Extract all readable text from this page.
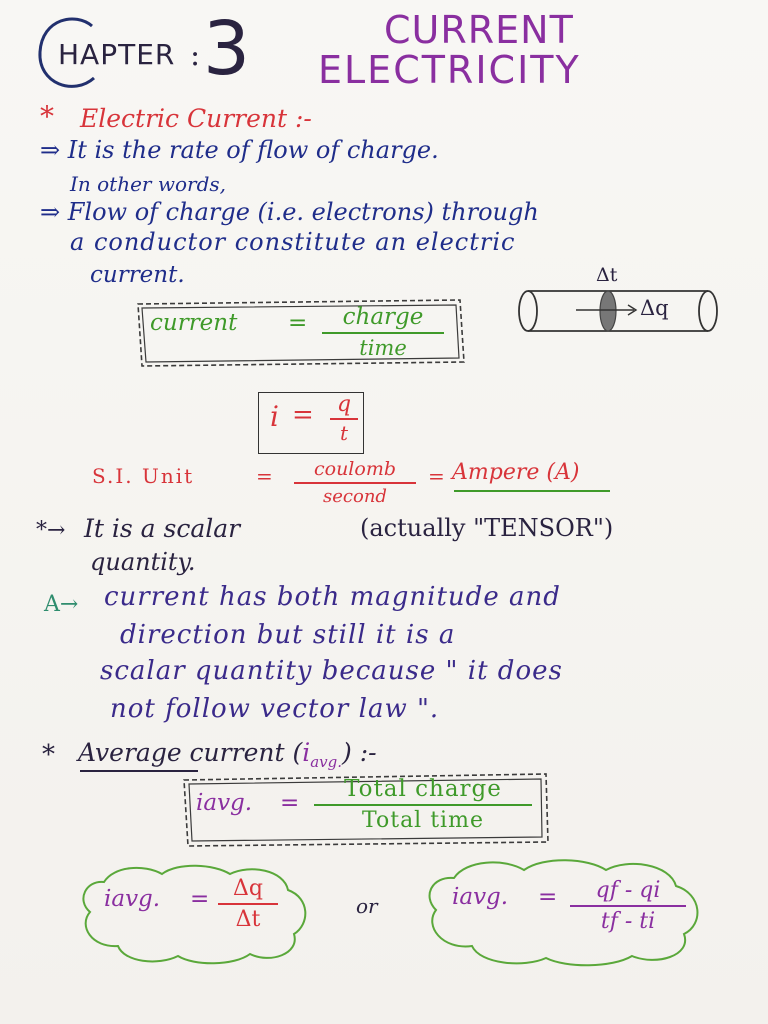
HAPTER : 3	CURRENT
ELECTRICITY
* Electric Current :-
⇒ It is the rate of flow of charge.
In other words,
⇒ Flow of charge (i.e. electrons) through
a conductor constitute an electric
current.	Δt
Δq
current =	charge
time
i =	q
t
S.I. Unit	=	coulomb
second
= Ampere (A)
*→ It is a scalar	(actually "TENSOR")
quantity.
A→ current has both magnitude and
direction but still it is a
scalar quantity because " it does
not follow vector law ".
* Average current $(i_{avg.})$ :-
iavg. =
Total charge
Total time
iavg. =	Δq
Δt
or	iavg. =	qf - qi
tf - ti
